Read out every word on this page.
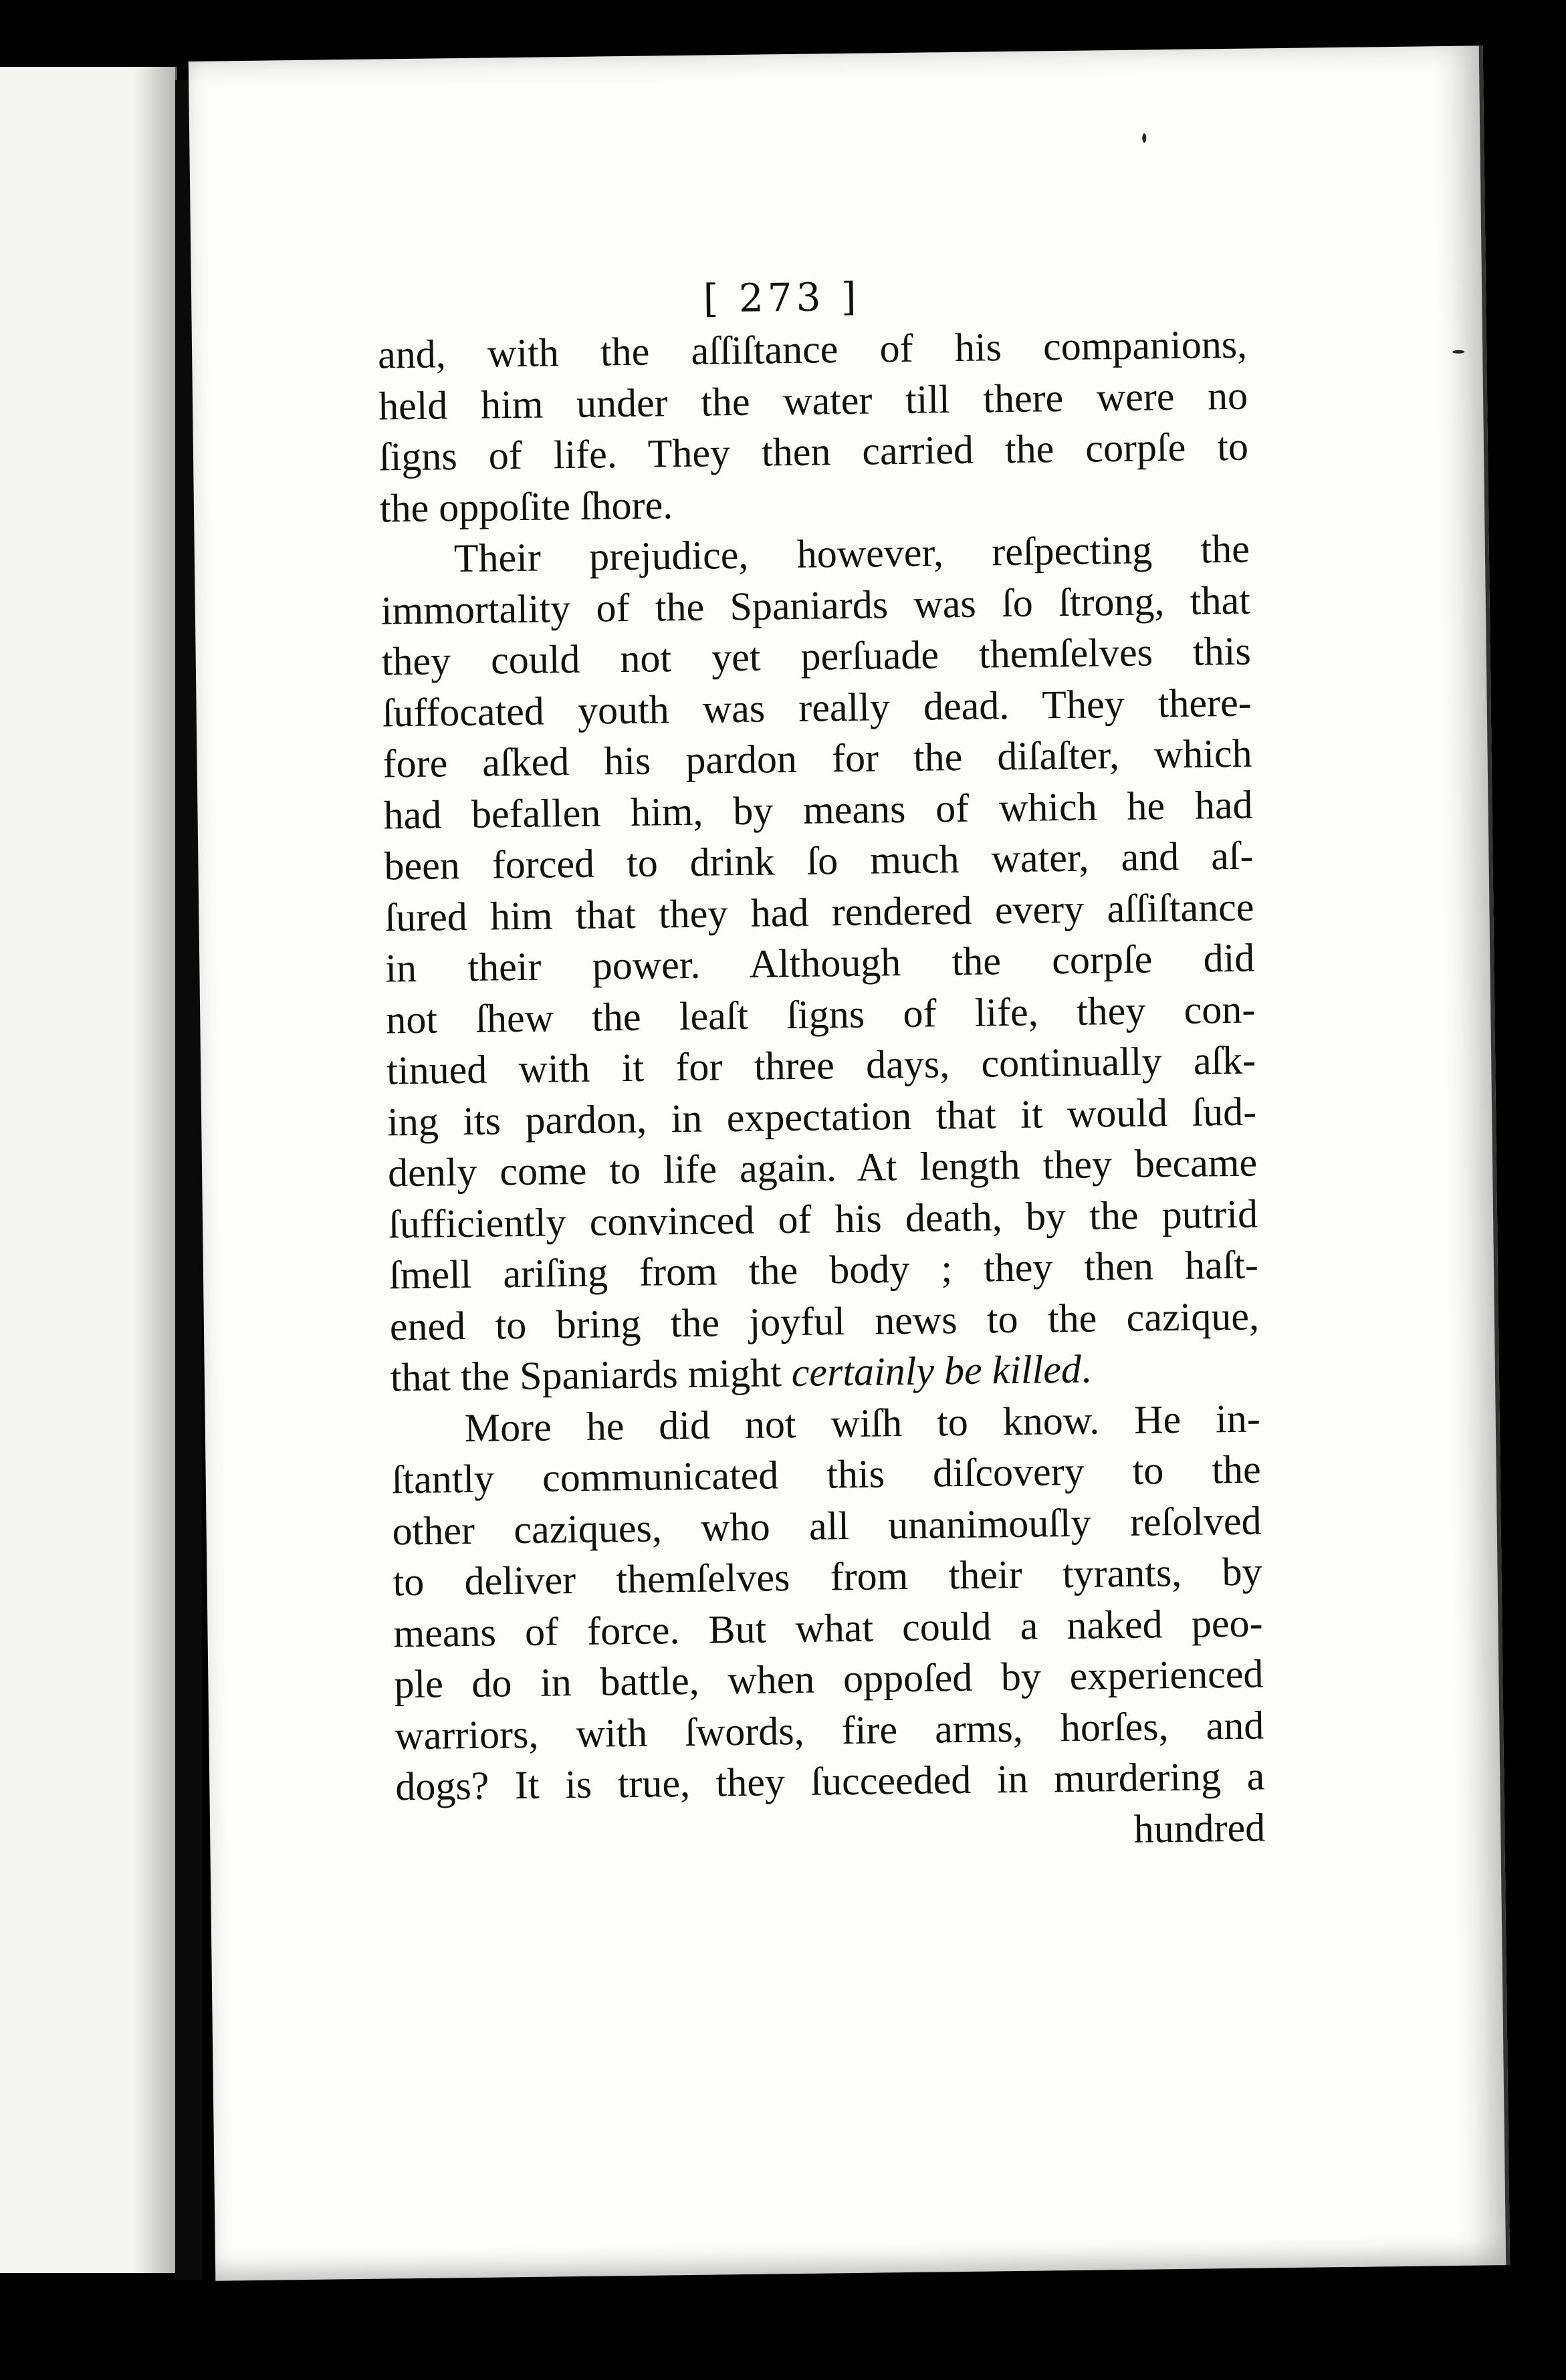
[ 273 ]
and, with the aſſiſtance of his companions,
held him under the water till there were no
ſigns of life. They then carried the corpſe to
the oppoſite ſhore.
Their prejudice, however, reſpecting the
immortality of the Spaniards was ſo ſtrong, that
they could not yet perſuade themſelves this
ſuffocated youth was really dead. They there-
fore aſked his pardon for the diſaſter, which
had befallen him, by means of which he had
been forced to drink ſo much water, and aſ-
ſured him that they had rendered every aſſiſtance
in their power. Although the corpſe did
not ſhew the leaſt ſigns of life, they con-
tinued with it for three days, continually aſk-
ing its pardon, in expectation that it would ſud-
denly come to life again. At length they became
ſufficiently convinced of his death, by the putrid
ſmell ariſing from the body ; they then haſt-
ened to bring the joyful news to the cazique,
that the Spaniards might certainly be killed.
More he did not wiſh to know. He in-
ſtantly communicated this diſcovery to the
other caziques, who all unanimouſly reſolved
to deliver themſelves from their tyrants, by
means of force. But what could a naked peo-
ple do in battle, when oppoſed by experienced
warriors, with ſwords, fire arms, horſes, and
dogs? It is true, they ſucceeded in murdering a
hundred
